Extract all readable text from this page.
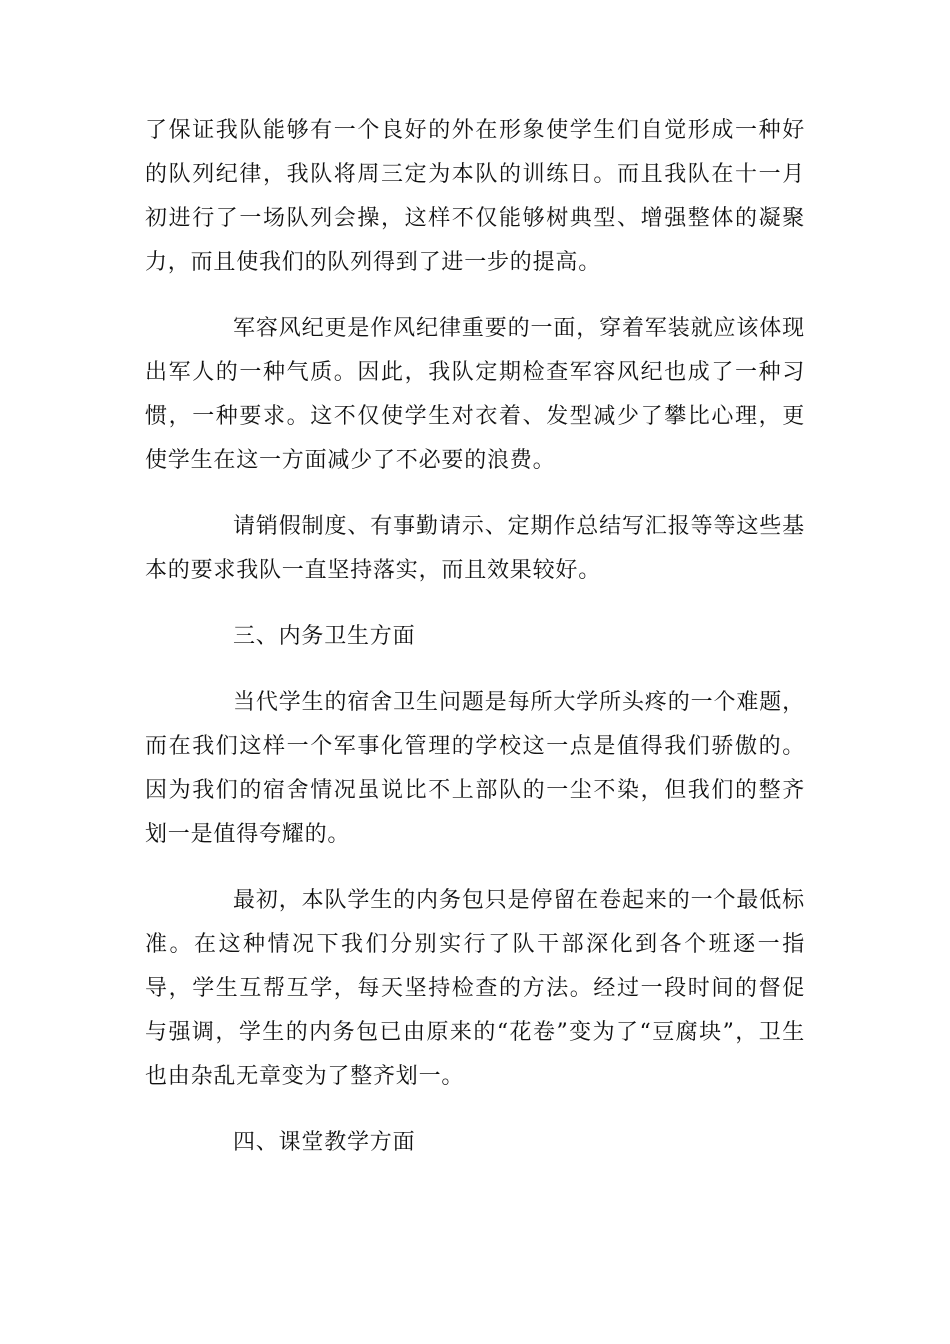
了保证我队能够有一个良好的外在形象使学生们自觉形成一种好的队列纪律，我队将周三定为本队的训练日。而且我队在十一月初进行了一场队列会操，这样不仅能够树典型、增强整体的凝聚力，而且使我们的队列得到了进一步的提高。

军容风纪更是作风纪律重要的一面，穿着军装就应该体现出军人的一种气质。因此，我队定期检查军容风纪也成了一种习惯，一种要求。这不仅使学生对衣着、发型减少了攀比心理，更使学生在这一方面减少了不必要的浪费。

请销假制度、有事勤请示、定期作总结写汇报等等这些基本的要求我队一直坚持落实，而且效果较好。

三、内务卫生方面

当代学生的宿舍卫生问题是每所大学所头疼的一个难题，而在我们这样一个军事化管理的学校这一点是值得我们骄傲的。因为我们的宿舍情况虽说比不上部队的一尘不染，但我们的整齐划一是值得夸耀的。

最初，本队学生的内务包只是停留在卷起来的一个最低标准。在这种情况下我们分别实行了队干部深化到各个班逐一指导，学生互帮互学，每天坚持检查的方法。经过一段时间的督促与强调，学生的内务包已由原来的“花卷”变为了“豆腐块”，卫生也由杂乱无章变为了整齐划一。

四、课堂教学方面
